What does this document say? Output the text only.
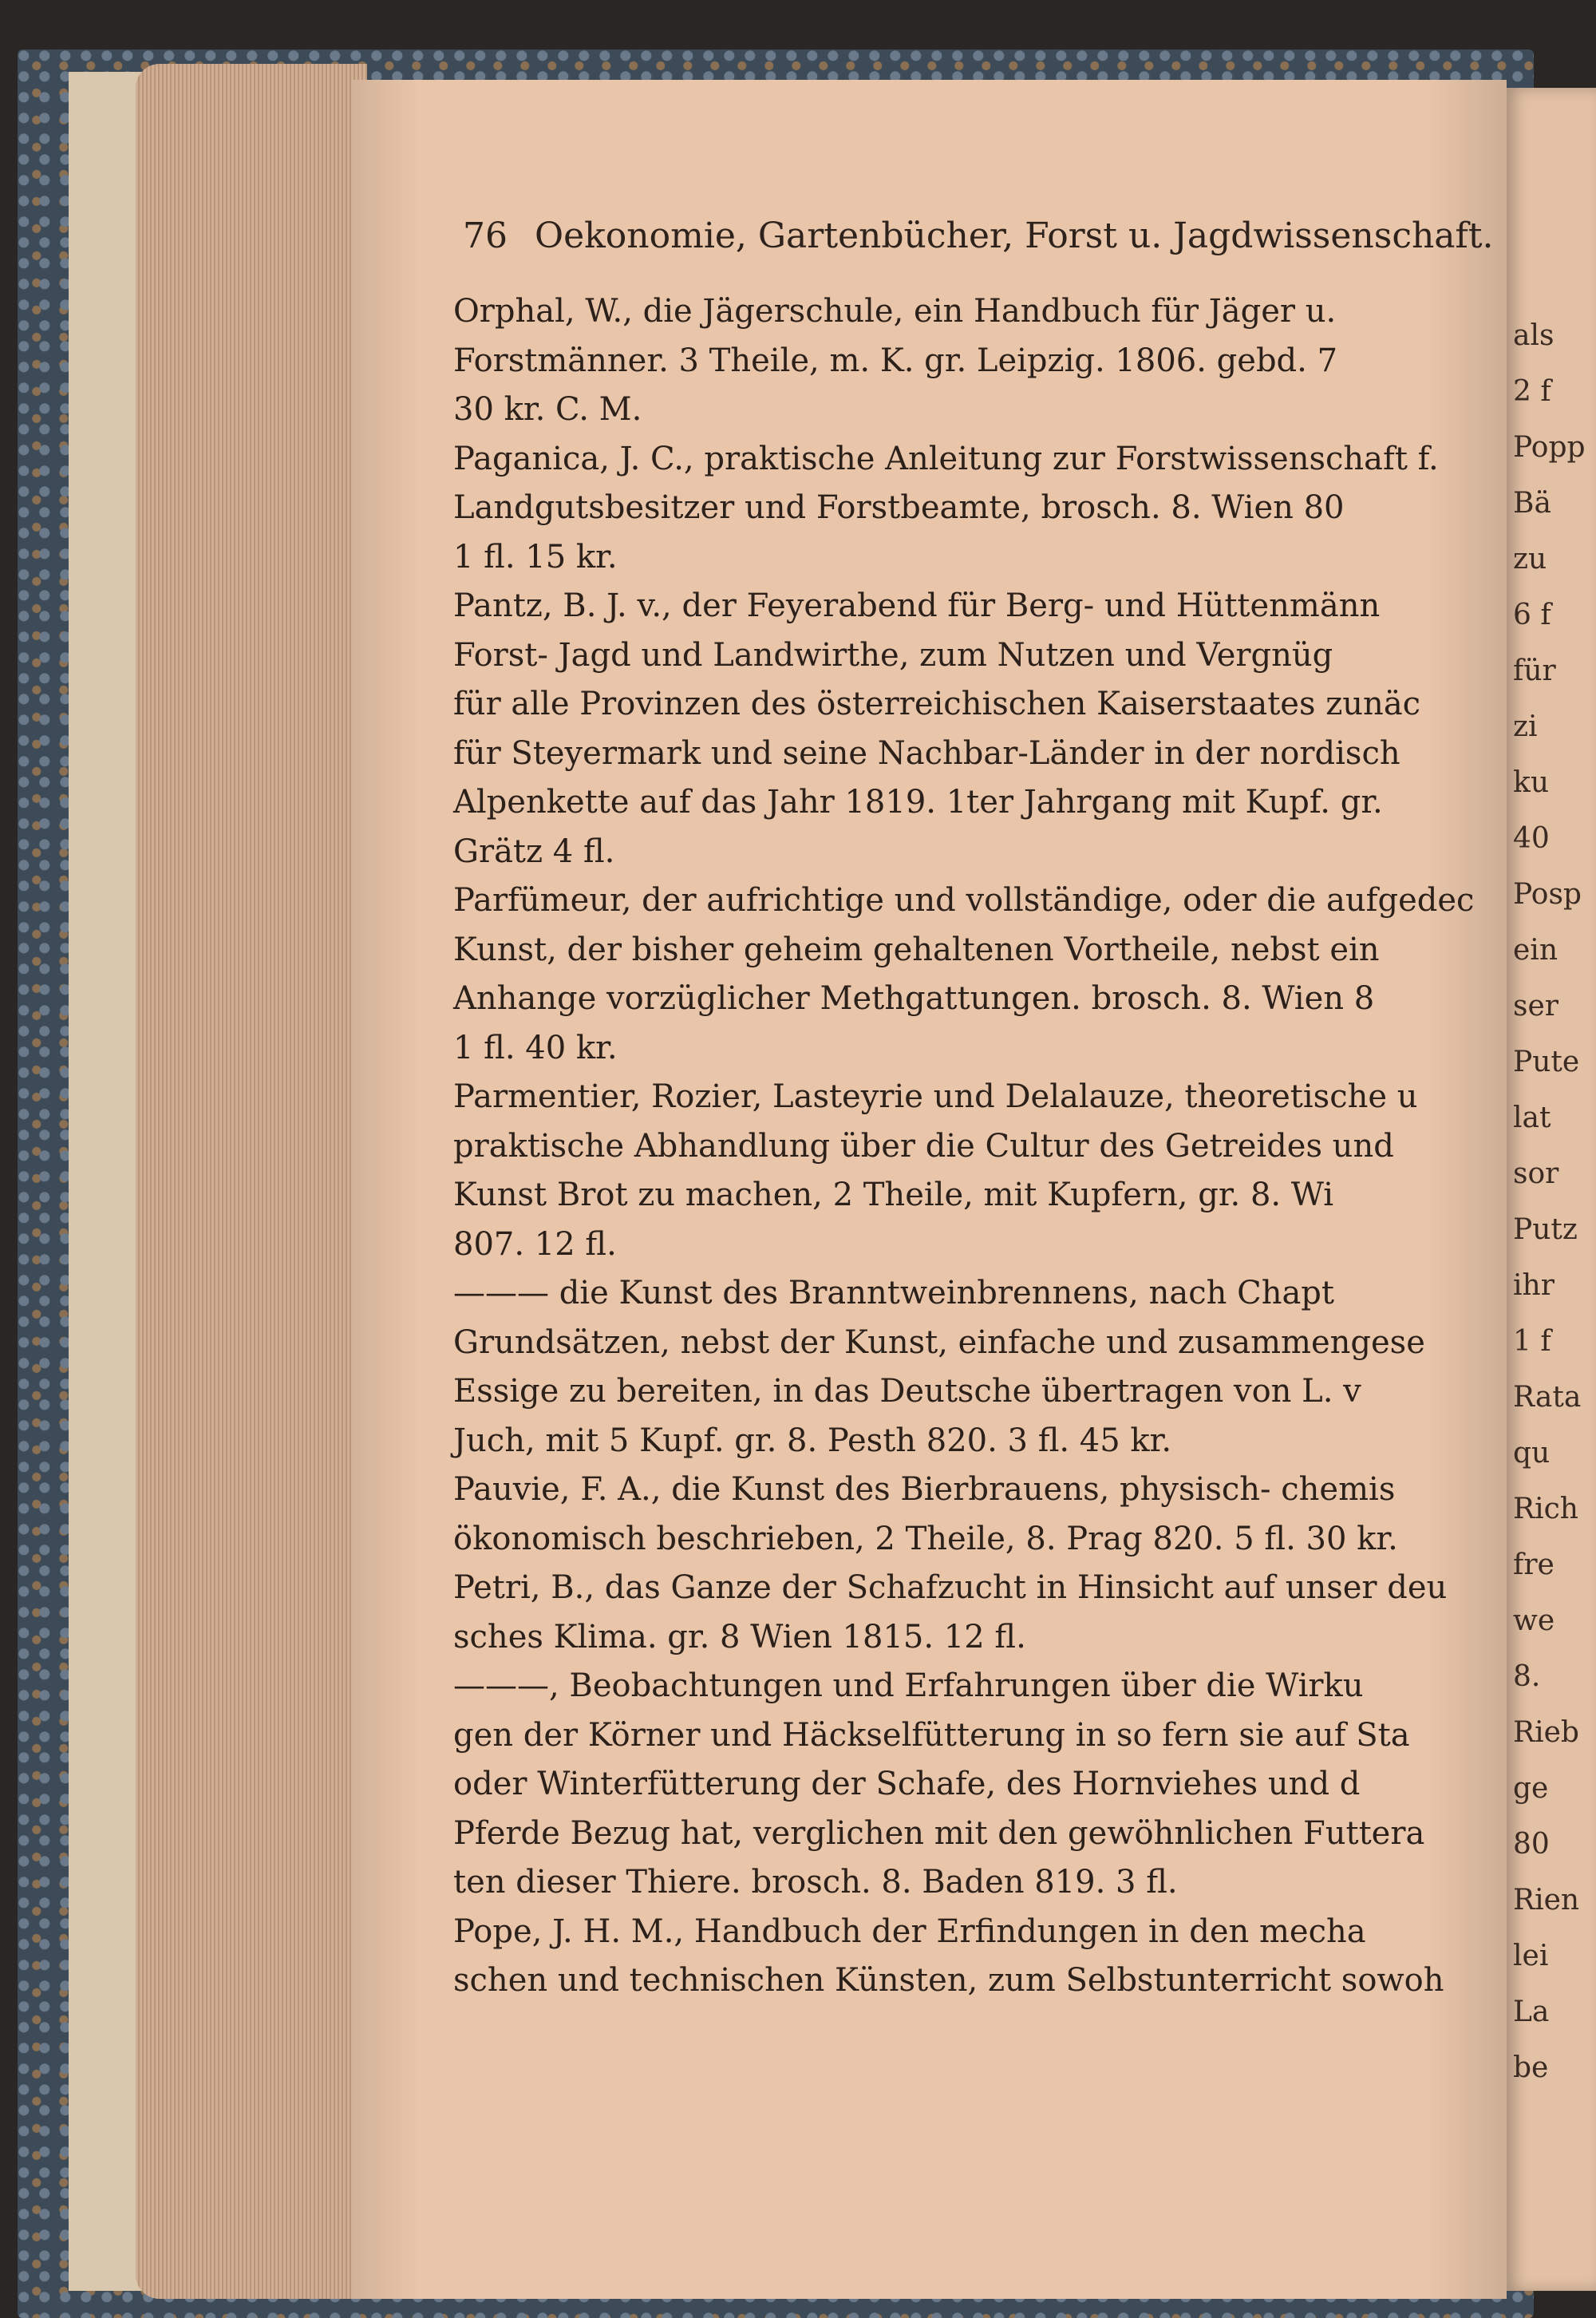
als
2 f
Popp
Bä
zu
6 f
für
zi
ku
40
Posp
ein
ser
Pute
lat
sor
Putz
ihr
1 f
Rata
qu
Rich
fre
we
8.
Rieb
ge
80
Rien
lei
La
be
76 Oekonomie, Gartenbücher, Forst u. Jagdwissenschaft.
Orphal, W., die Jägerschule, ein Handbuch für Jäger u.
Forstmänner. 3 Theile, m. K. gr. Leipzig. 1806. gebd. 7
30 kr. C. M.
Paganica, J. C., praktische Anleitung zur Forstwissenschaft f.
Landgutsbesitzer und Forstbeamte, brosch. 8. Wien 80
1 fl. 15 kr.
Pantz, B. J. v., der Feyerabend für Berg- und Hüttenmänn
Forst- Jagd und Landwirthe, zum Nutzen und Vergnüg
für alle Provinzen des österreichischen Kaiserstaates zunäc
für Steyermark und seine Nachbar-Länder in der nordisch
Alpenkette auf das Jahr 1819. 1ter Jahrgang mit Kupf. gr.
Grätz 4 fl.
Parfümeur, der aufrichtige und vollständige, oder die aufgedec
Kunst, der bisher geheim gehaltenen Vortheile, nebst ein
Anhange vorzüglicher Methgattungen. brosch. 8. Wien 8
1 fl. 40 kr.
Parmentier, Rozier, Lasteyrie und Delalauze, theoretische u
praktische Abhandlung über die Cultur des Getreides und
Kunst Brot zu machen, 2 Theile, mit Kupfern, gr. 8. Wi
807. 12 fl.
——— die Kunst des Branntweinbrennens, nach Chapt
Grundsätzen, nebst der Kunst, einfache und zusammengese
Essige zu bereiten, in das Deutsche übertragen von L. v
Juch, mit 5 Kupf. gr. 8. Pesth 820. 3 fl. 45 kr.
Pauvie, F. A., die Kunst des Bierbrauens, physisch- chemis
ökonomisch beschrieben, 2 Theile, 8. Prag 820. 5 fl. 30 kr.
Petri, B., das Ganze der Schafzucht in Hinsicht auf unser deu
sches Klima. gr. 8 Wien 1815. 12 fl.
———, Beobachtungen und Erfahrungen über die Wirku
gen der Körner und Häckselfütterung in so fern sie auf Sta
oder Winterfütterung der Schafe, des Hornviehes und d
Pferde Bezug hat, verglichen mit den gewöhnlichen Futtera
ten dieser Thiere. brosch. 8. Baden 819. 3 fl.
Pope, J. H. M., Handbuch der Erfindungen in den mecha
schen und technischen Künsten, zum Selbstunterricht sowoh
